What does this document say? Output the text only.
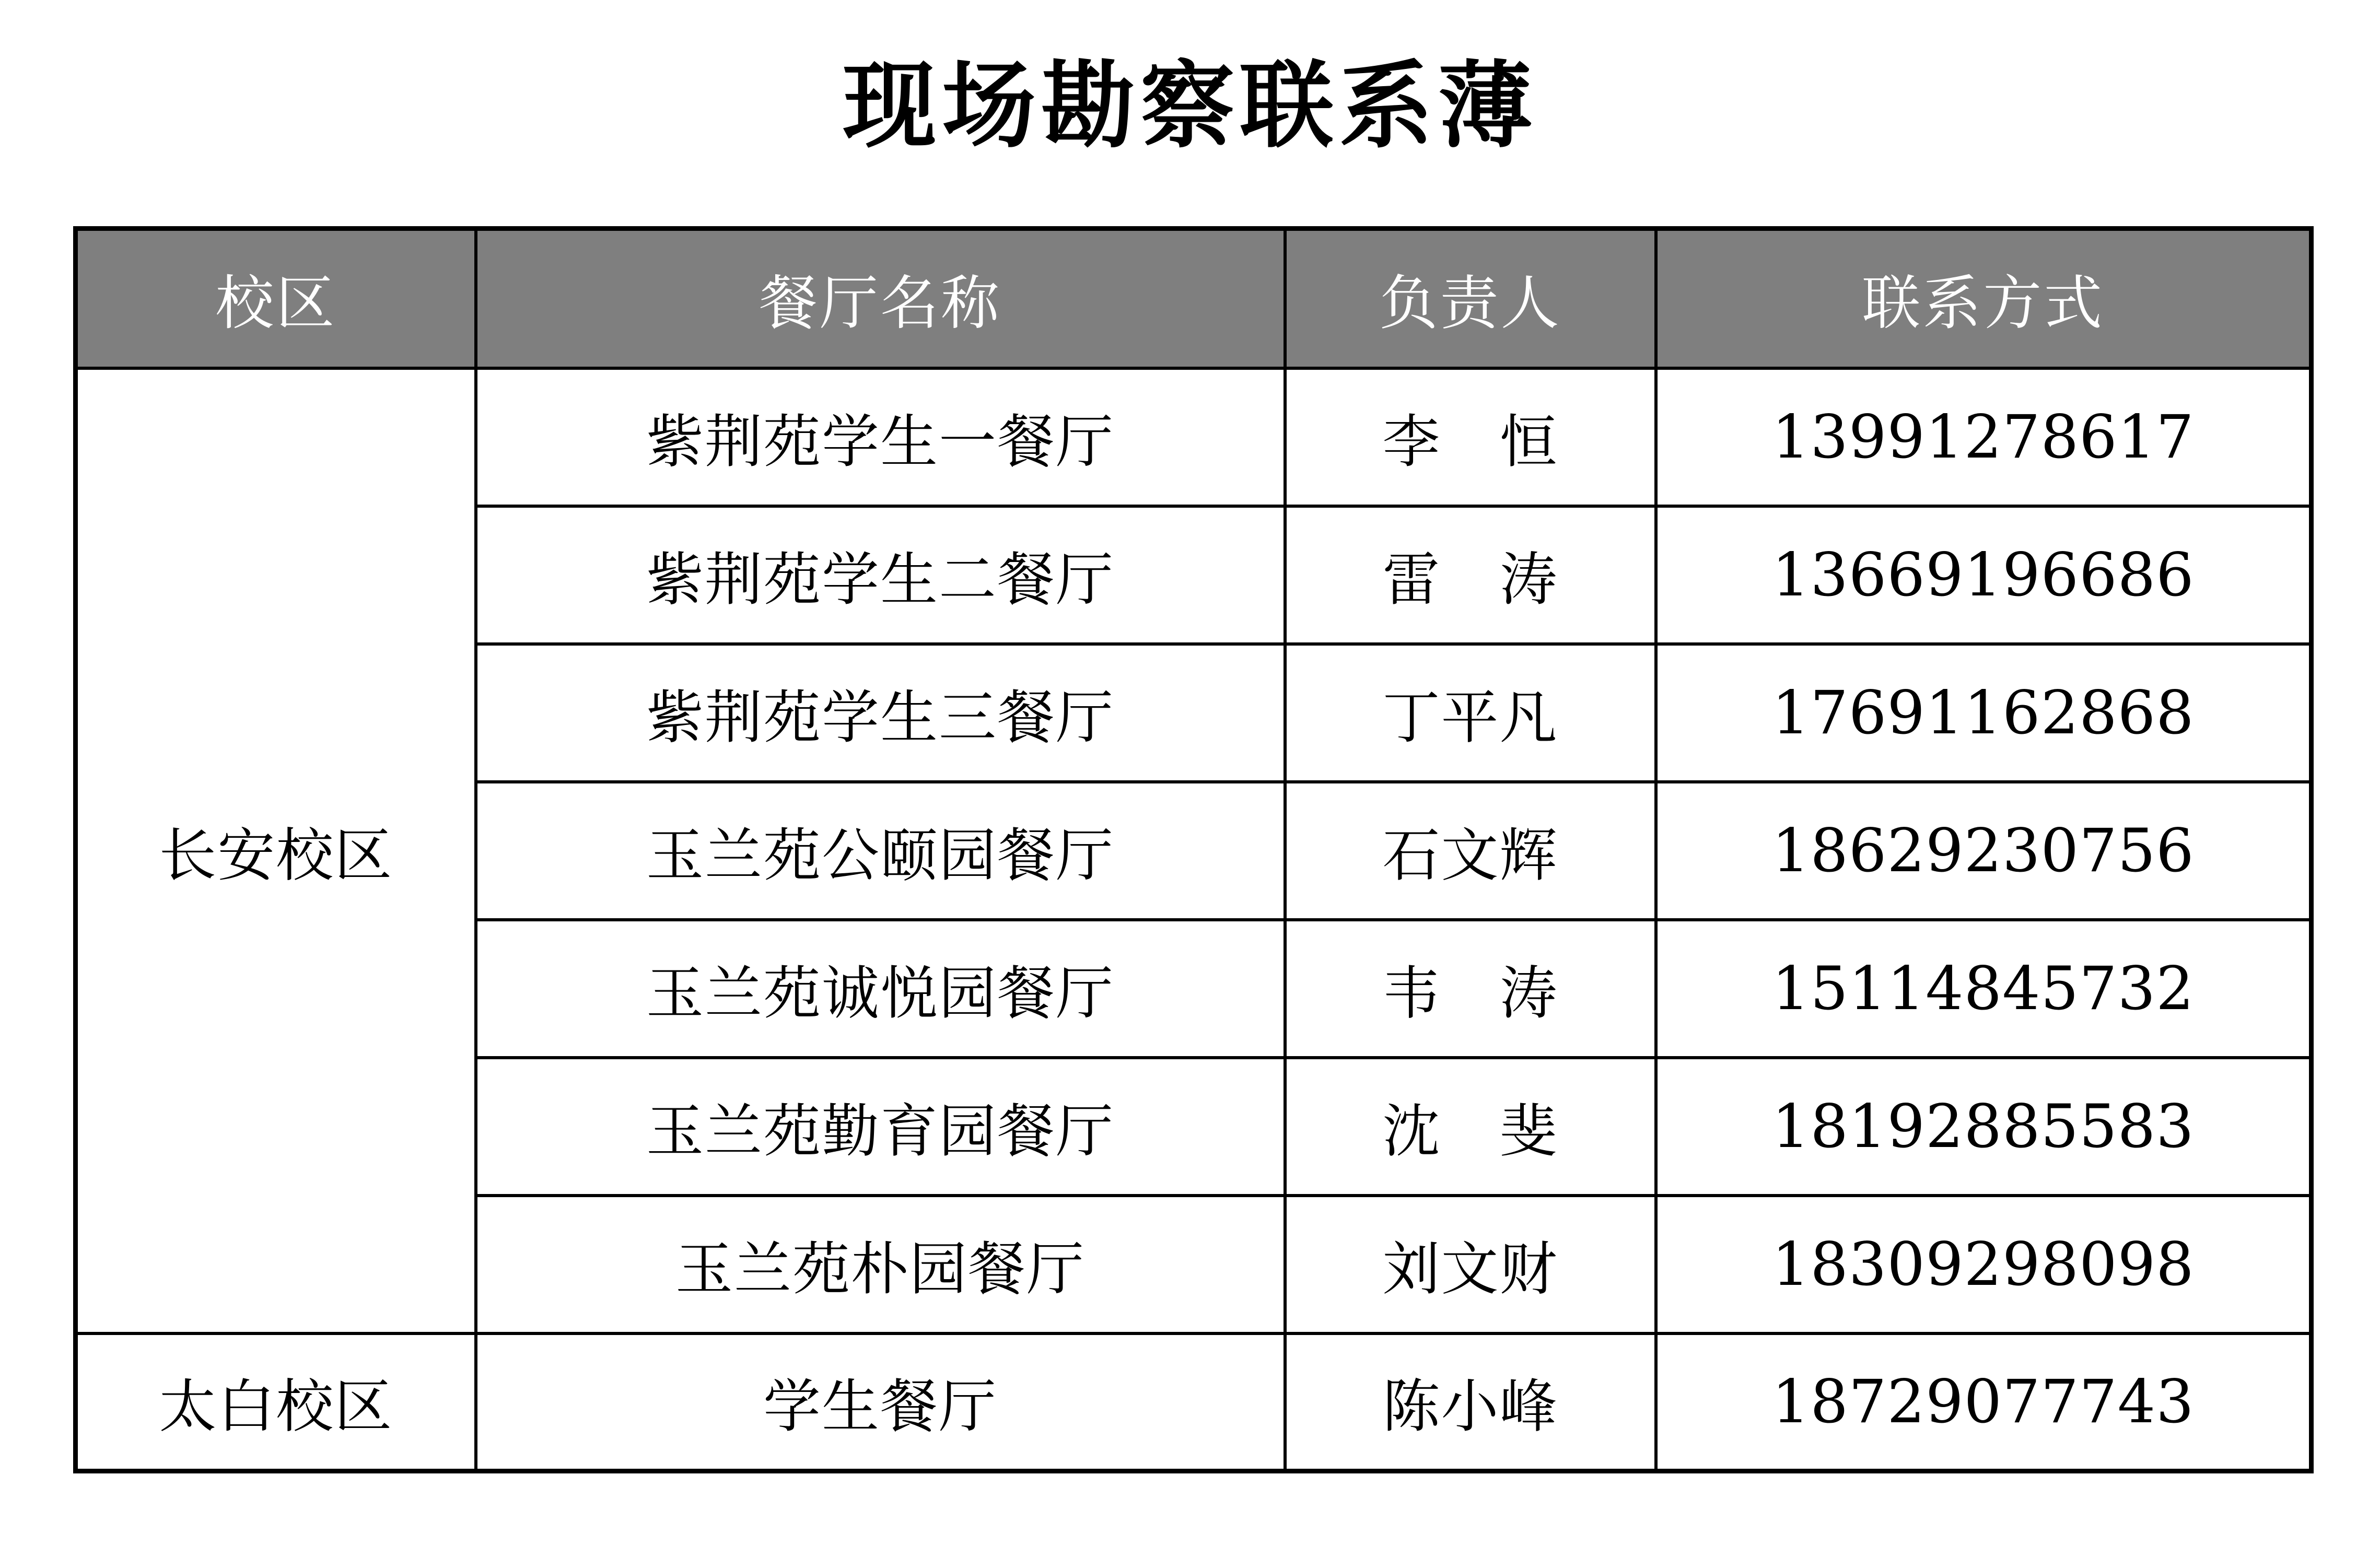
现场勘察联系薄
校区	餐厅名称	负责人	联系方式
长安校区	紫荆苑学生一餐厅	李　恒	13991278617
	紫荆苑学生二餐厅	雷　涛	13669196686
	紫荆苑学生三餐厅	丁平凡	17691162868
	玉兰苑公颐园餐厅	石文辉	18629230756
	玉兰苑诚悦园餐厅	韦　涛	15114845732
	玉兰苑勤育园餐厅	沈　斐	18192885583
	玉兰苑朴园餐厅	刘文财	18309298098
太白校区	学生餐厅	陈小峰	18729077743
